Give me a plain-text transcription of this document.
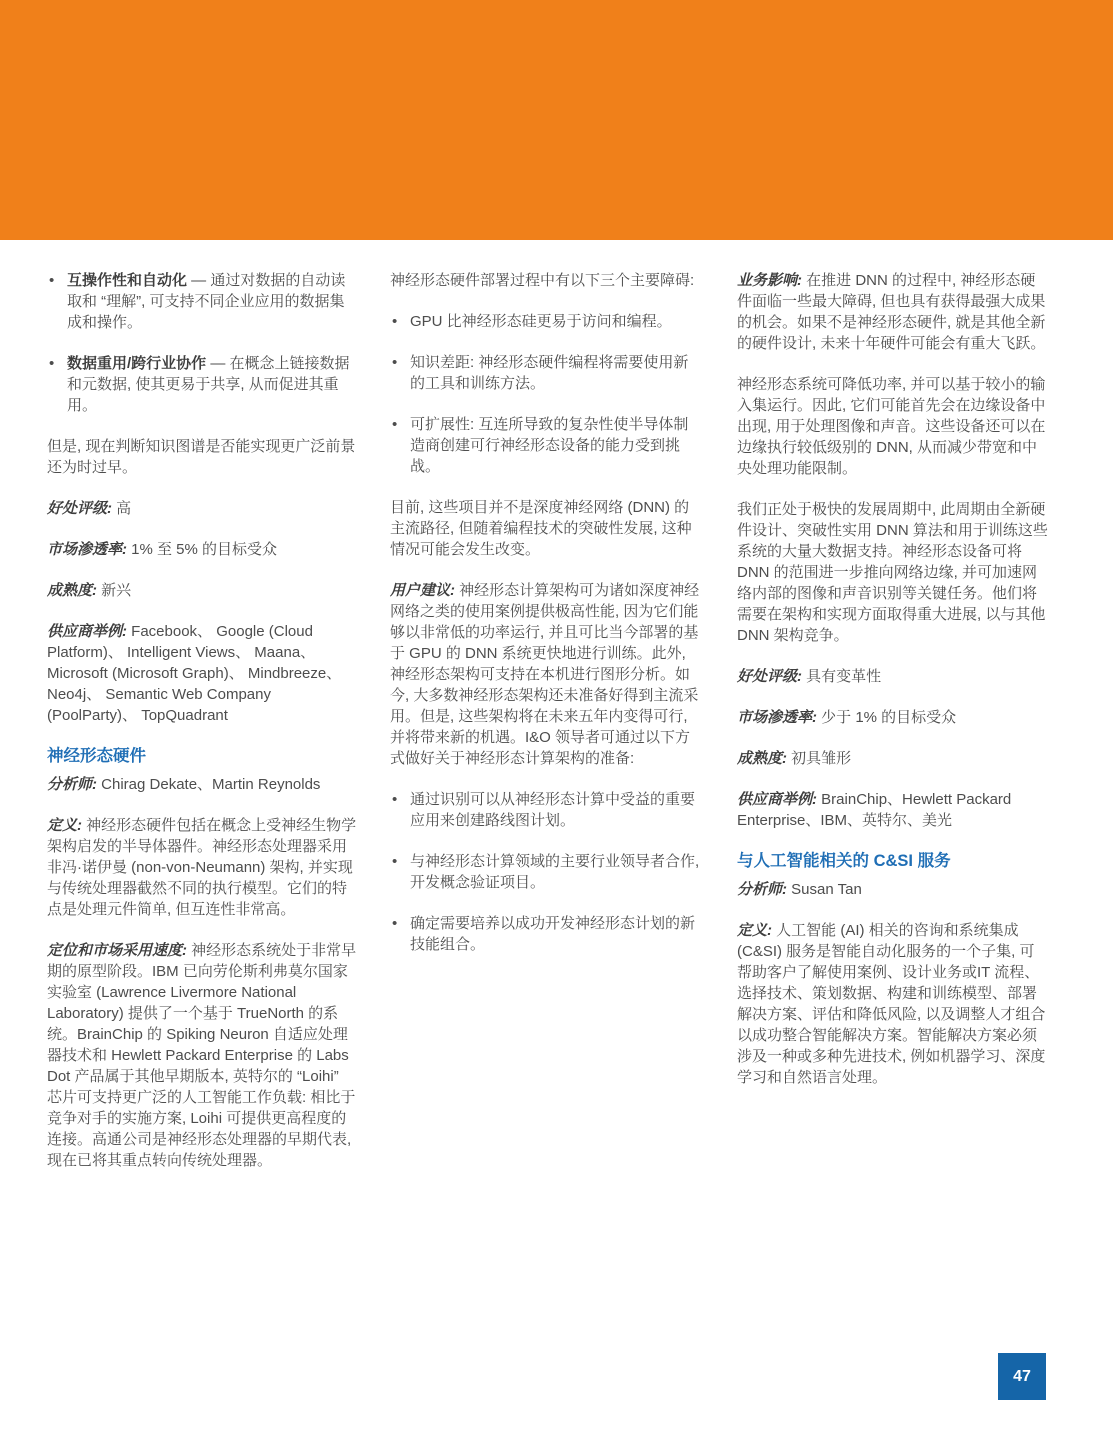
• 互操作性和自动化 — 通过对数据的自动读取和 “理解”, 可支持不同企业应用的数据集成和操作。
• 数据重用/跨行业协作 — 在概念上链接数据和元数据, 使其更易于共享, 从而促进其重用。

但是, 现在判断知识图谱是否能实现更广泛前景还为时过早。

好处评级: 高

市场渗透率: 1% 至 5% 的目标受众

成熟度: 新兴

供应商举例: Facebook、 Google (Cloud Platform)、 Intelligent Views、 Maana、 Microsoft (Microsoft Graph)、 Mindbreeze、 Neo4j、 Semantic Web Company (PoolParty)、 TopQuadrant

神经形态硬件

分析师: Chirag Dekate、Martin Reynolds

定义: 神经形态硬件包括在概念上受神经生物学架构启发的半导体器件。神经形态处理器采用非冯·诺伊曼 (non-von-Neumann) 架构, 并实现与传统处理器截然不同的执行模型。它们的特点是处理元件简单, 但互连性非常高。

定位和市场采用速度: 神经形态系统处于非常早期的原型阶段。IBM 已向劳伦斯利弗莫尔国家实验室 (Lawrence Livermore National Laboratory) 提供了一个基于 TrueNorth 的系统。BrainChip 的 Spiking Neuron 自适应处理器技术和 Hewlett Packard Enterprise 的 Labs Dot 产品属于其他早期版本, 英特尔的 “Loihi” 芯片可支持更广泛的人工智能工作负载: 相比于竞争对手的实施方案, Loihi 可提供更高程度的连接。高通公司是神经形态处理器的早期代表, 现在已将其重点转向传统处理器。

神经形态硬件部署过程中有以下三个主要障碍:

• GPU 比神经形态硅更易于访问和编程。
• 知识差距: 神经形态硬件编程将需要使用新的工具和训练方法。
• 可扩展性: 互连所导致的复杂性使半导体制造商创建可行神经形态设备的能力受到挑战。

目前, 这些项目并不是深度神经网络 (DNN) 的主流路径, 但随着编程技术的突破性发展, 这种情况可能会发生改变。

用户建议: 神经形态计算架构可为诸如深度神经网络之类的使用案例提供极高性能, 因为它们能够以非常低的功率运行, 并且可比当今部署的基于 GPU 的 DNN 系统更快地进行训练。此外, 神经形态架构可支持在本机进行图形分析。如今, 大多数神经形态架构还未准备好得到主流采用。但是, 这些架构将在未来五年内变得可行, 并将带来新的机遇。I&O 领导者可通过以下方式做好关于神经形态计算架构的准备:

• 通过识别可以从神经形态计算中受益的重要应用来创建路线图计划。
• 与神经形态计算领域的主要行业领导者合作, 开发概念验证项目。
• 确定需要培养以成功开发神经形态计划的新技能组合。

业务影响: 在推进 DNN 的过程中, 神经形态硬件面临一些最大障碍, 但也具有获得最强大成果的机会。如果不是神经形态硬件, 就是其他全新的硬件设计, 未来十年硬件可能会有重大飞跃。

神经形态系统可降低功率, 并可以基于较小的输入集运行。因此, 它们可能首先会在边缘设备中出现, 用于处理图像和声音。这些设备还可以在边缘执行较低级别的 DNN, 从而减少带宽和中央处理功能限制。

我们正处于极快的发展周期中, 此周期由全新硬件设计、突破性实用 DNN 算法和用于训练这些系统的大量大数据支持。神经形态设备可将 DNN 的范围进一步推向网络边缘, 并可加速网络内部的图像和声音识别等关键任务。他们将需要在架构和实现方面取得重大进展, 以与其他 DNN 架构竞争。

好处评级: 具有变革性

市场渗透率: 少于 1% 的目标受众

成熟度: 初具雏形

供应商举例: BrainChip、Hewlett Packard Enterprise、IBM、英特尔、美光

与人工智能相关的 C&SI 服务

分析师: Susan Tan

定义: 人工智能 (AI) 相关的咨询和系统集成 (C&SI) 服务是智能自动化服务的一个子集, 可帮助客户了解使用案例、设计业务或IT 流程、选择技术、策划数据、构建和训练模型、部署解决方案、评估和降低风险, 以及调整人才组合以成功整合智能解决方案。智能解决方案必须涉及一种或多种先进技术, 例如机器学习、深度学习和自然语言处理。

47
